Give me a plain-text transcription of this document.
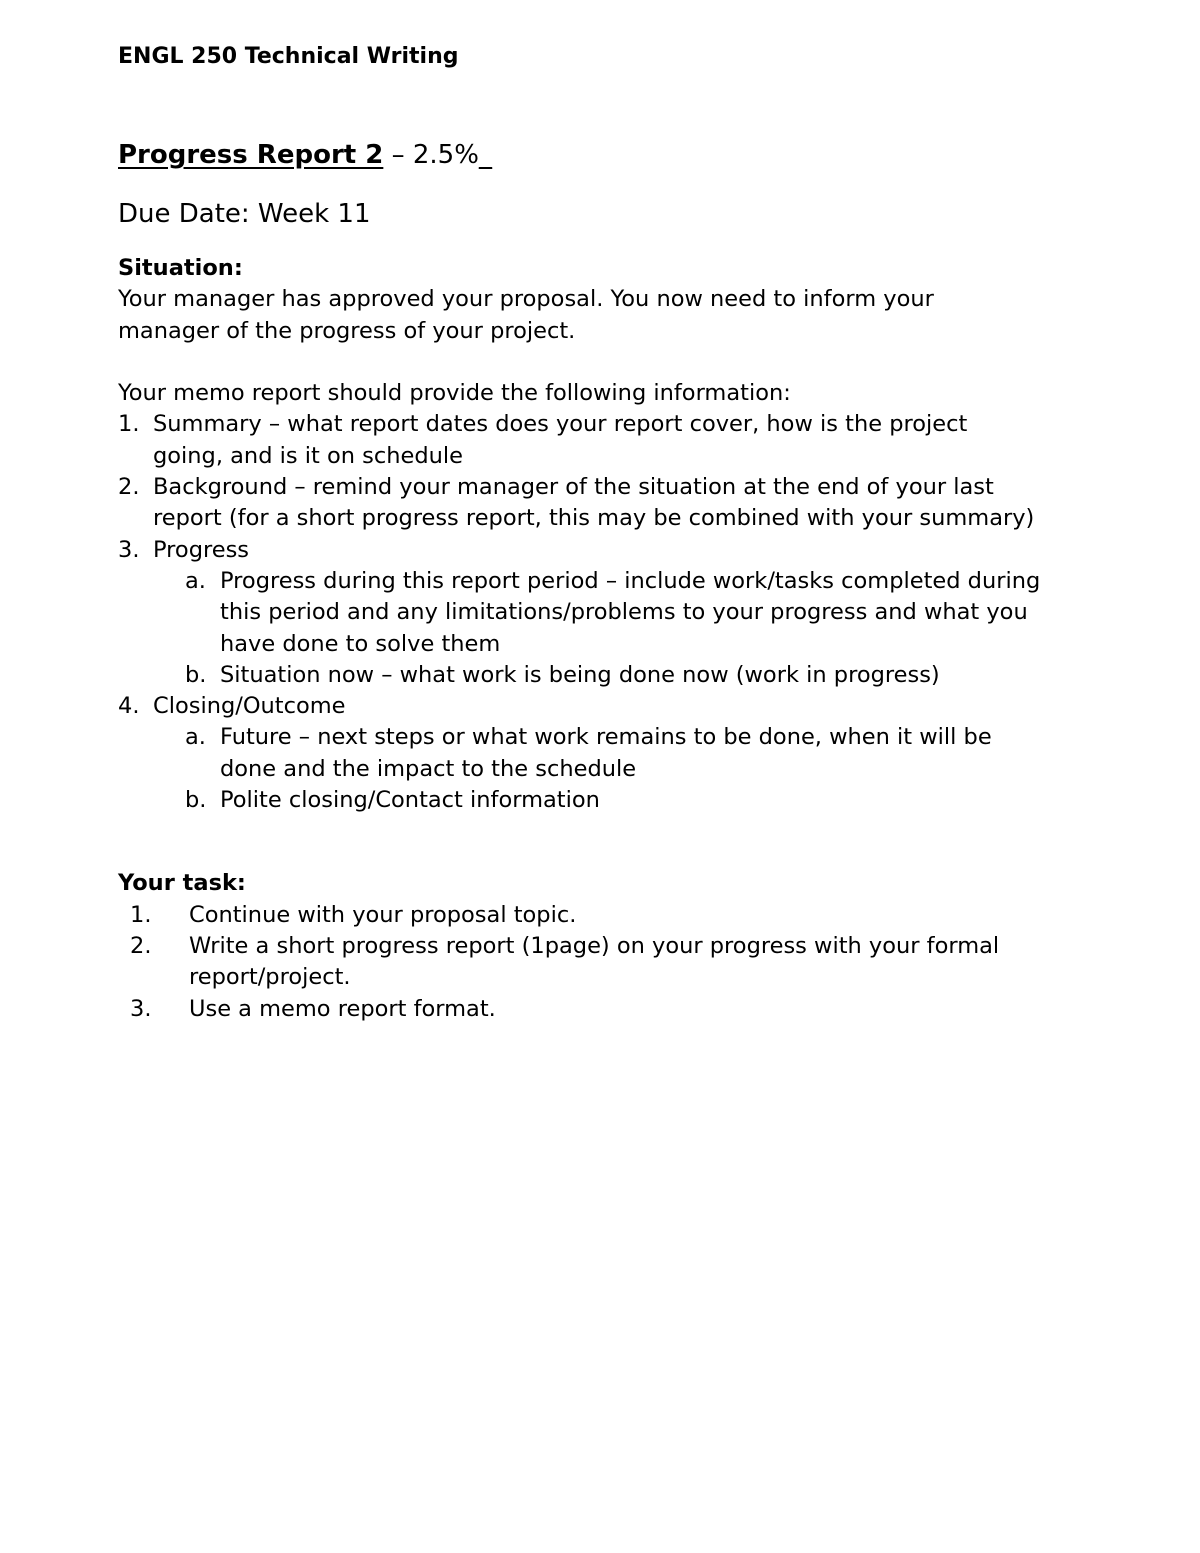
ENGL 250 Technical Writing
Progress Report 2 – 2.5%_
Due Date: Week 11
Situation:
Your manager has approved your proposal. You now need to inform your
manager of the progress of your project.
Your memo report should provide the following information:
1. Summary – what report dates does your report cover, how is the project
going, and is it on schedule
2. Background – remind your manager of the situation at the end of your last
report (for a short progress report, this may be combined with your summary)
3. Progress
a. Progress during this report period – include work/tasks completed during
this period and any limitations/problems to your progress and what you
have done to solve them
b. Situation now – what work is being done now (work in progress)
4. Closing/Outcome
a. Future – next steps or what work remains to be done, when it will be
done and the impact to the schedule
b. Polite closing/Contact information
Your task:
1. Continue with your proposal topic.
2. Write a short progress report (1page) on your progress with your formal
report/project.
3. Use a memo report format.
